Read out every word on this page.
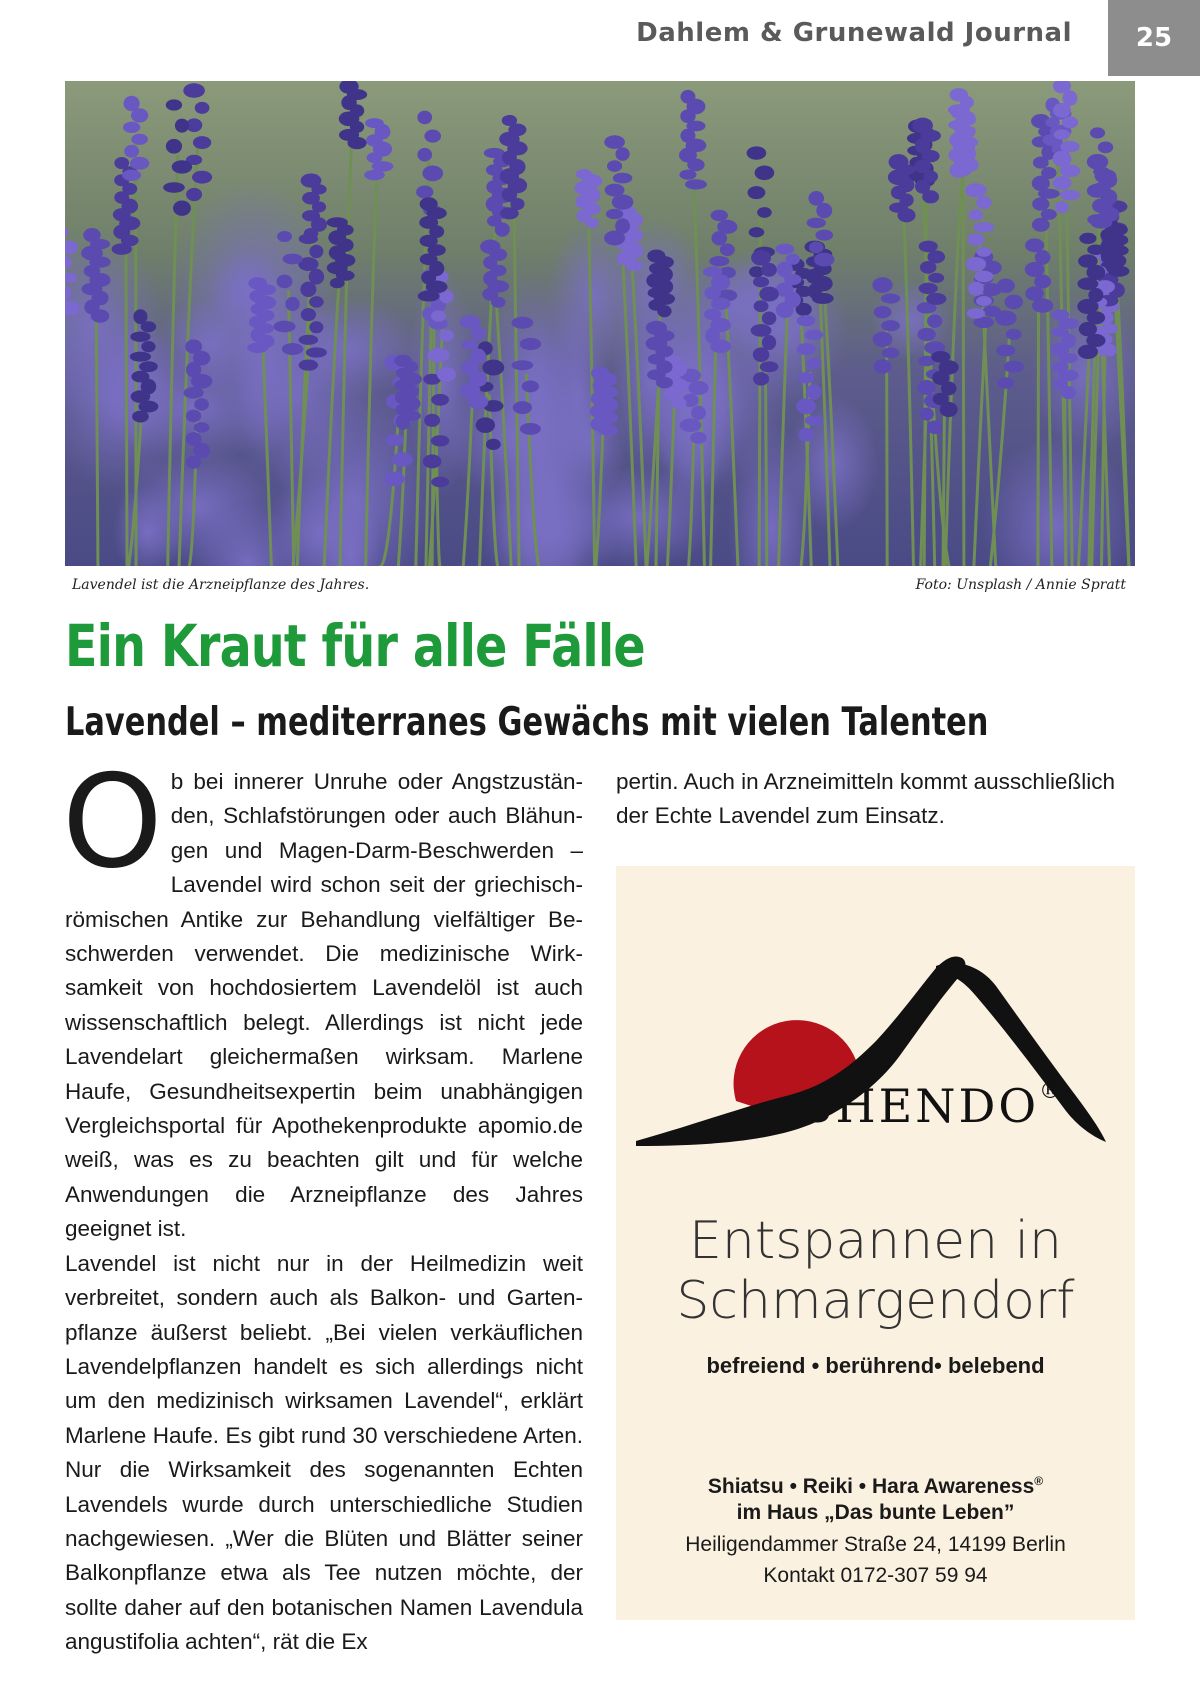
Dahlem & Grunewald Journal	25
Lavendel ist die Arzneipflanze des Jahres.	Foto: Unsplash / Annie Spratt
Ein Kraut für alle Fälle
Lavendel – mediterranes Gewächs mit vielen Talenten
O b bei innerer Unruhe oder Angstzuständen, Schlafstörungen oder auch Blähungen und Magen-Darm-Beschwerden – Lavendel wird schon seit der griechisch-römischen Antike zur Behandlung vielfältiger Beschwerden verwendet. Die medizinische Wirksamkeit von hochdosiertem Lavendelöl ist auch wissenschaftlich belegt. Allerdings ist nicht jede Lavendelart gleichermaßen wirksam. Marlene Haufe, Gesundheitsexpertin beim unabhängigen Vergleichsportal für Apothekenprodukte apomio.de weiß, was es zu beachten gilt und für welche Anwendungen die Arzneipflanze des Jahres geeignet ist.

Lavendel ist nicht nur in der Heilmedizin weit verbreitet, sondern auch als Balkon- und Gartenpflanze äußerst beliebt. „Bei vielen verkäuflichen Lavendelpflanzen handelt es sich allerdings nicht um den medizinisch wirksamen Lavendel“, erklärt Marlene Haufe. Es gibt rund 30 verschiedene Arten. Nur die Wirksamkeit des sogenannten Echten Lavendels wurde durch unterschiedliche Studien nachgewiesen. „Wer die Blüten und Blätter seiner Balkonpflanze etwa als Tee nutzen möchte, der sollte daher auf den botanischen Namen Lavendula angustifolia achten“, rät die Ex

pertin. Auch in Arzneimitteln kommt ausschließlich der Echte Lavendel zum Einsatz.

SHENDO®
Entspannen in
Schmargendorf
befreiend • berührend• belebend
Shiatsu • Reiki • Hara Awareness®
im Haus „Das bunte Leben”
Heiligendammer Straße 24, 14199 Berlin
Kontakt 0172-307 59 94
